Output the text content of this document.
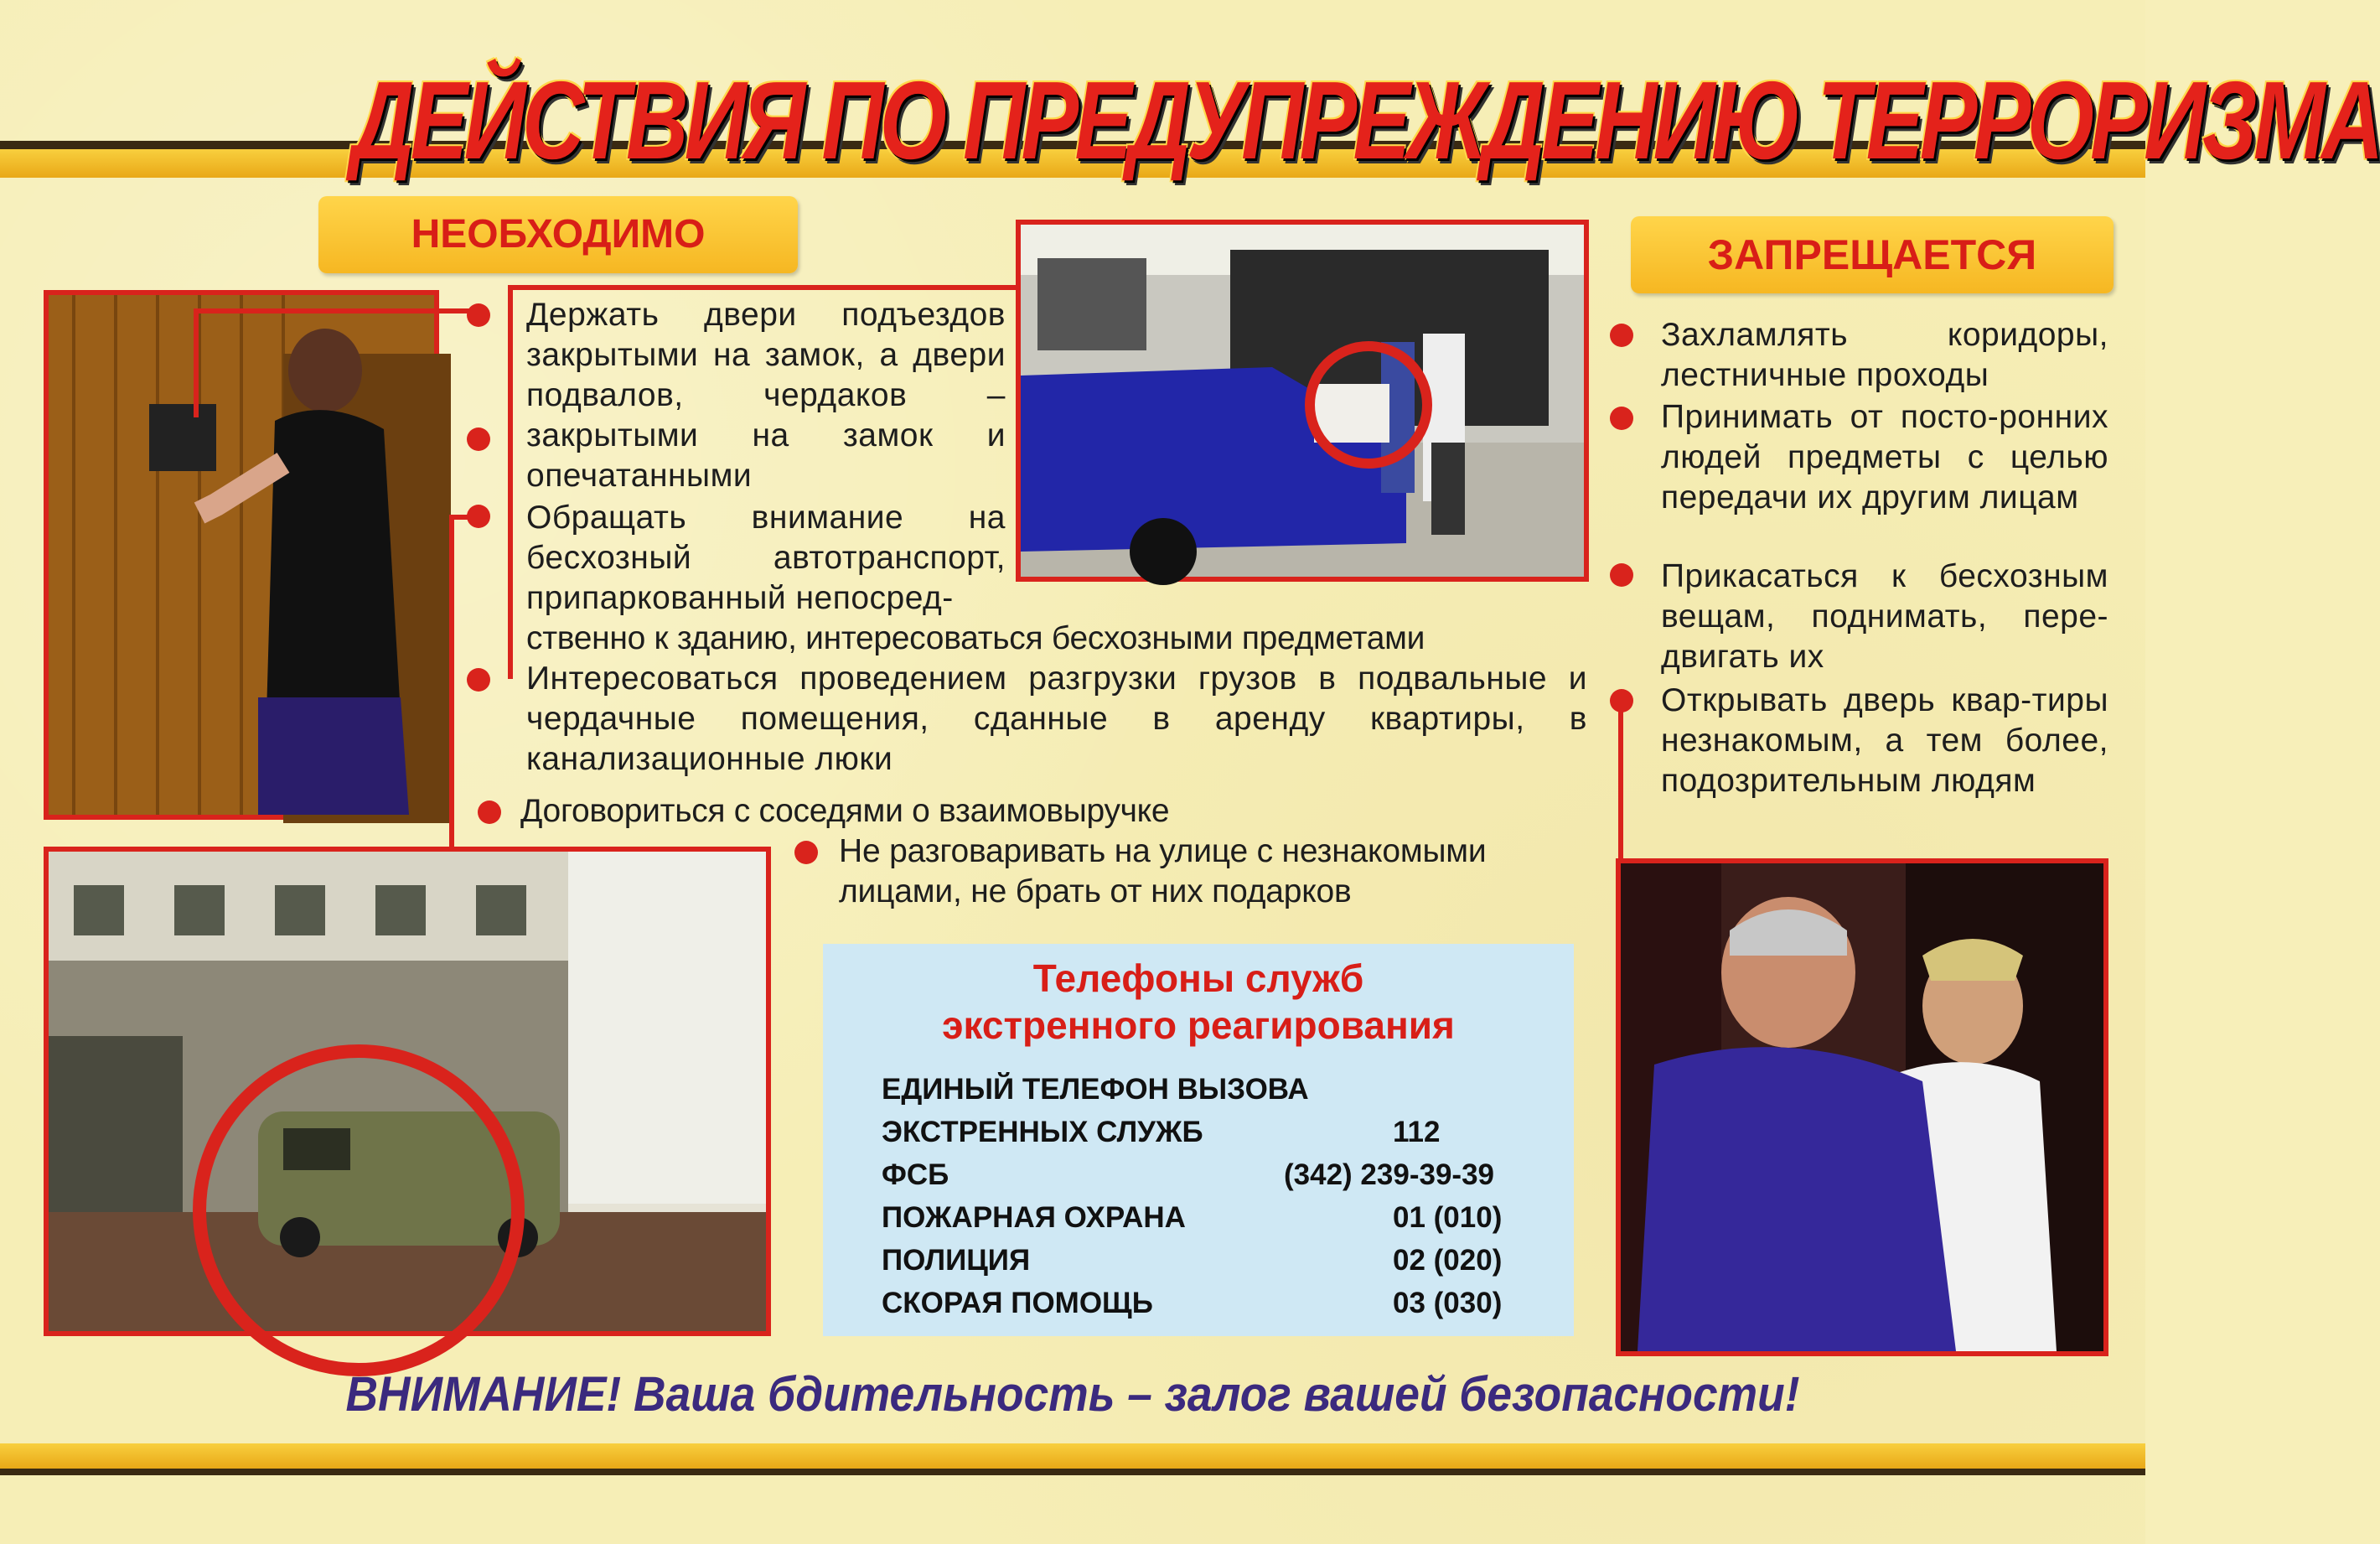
ДЕЙСТВИЯ ПО ПРЕДУПРЕЖДЕНИЮ ТЕРРОРИЗМА
НЕОБХОДИМО	ЗАПРЕЩАЕТСЯ
Держать двери подъездов закрытыми на замок, а двери подвалов, чердаков – закрытыми на замок и опечатанными
Обращать внимание на бесхозный автотранспорт, припаркованный непосред-
ственно к зданию, интересоваться бесхозными предметами
Интересоваться проведением разгрузки грузов в подвальные и чердачные помещения, сданные в аренду квартиры, в канализационные люки
Договориться с соседями о взаимовыручке
Не разговаривать на улице с незнакомыми лицами, не брать от них подарков
Захламлять коридоры, лестничные проходы
Принимать от посто-ронних людей предметы с целью передачи их другим лицам
Прикасаться к бесхозным вещам, поднимать, пере-двигать их
Открывать дверь квар-тиры незнакомым, а тем более, подозрительным людям
Телефоны служб
экстренного реагирования
ЕДИНЫЙ ТЕЛЕФОН ВЫЗОВА
ЭКСТРЕННЫХ СЛУЖБ	112
ФСБ	(342) 239-39-39
ПОЖАРНАЯ ОХРАНА	01 (010)
ПОЛИЦИЯ	02 (020)
СКОРАЯ ПОМОЩЬ	03 (030)
ВНИМАНИЕ! Ваша бдительность – залог вашей безопасности!
